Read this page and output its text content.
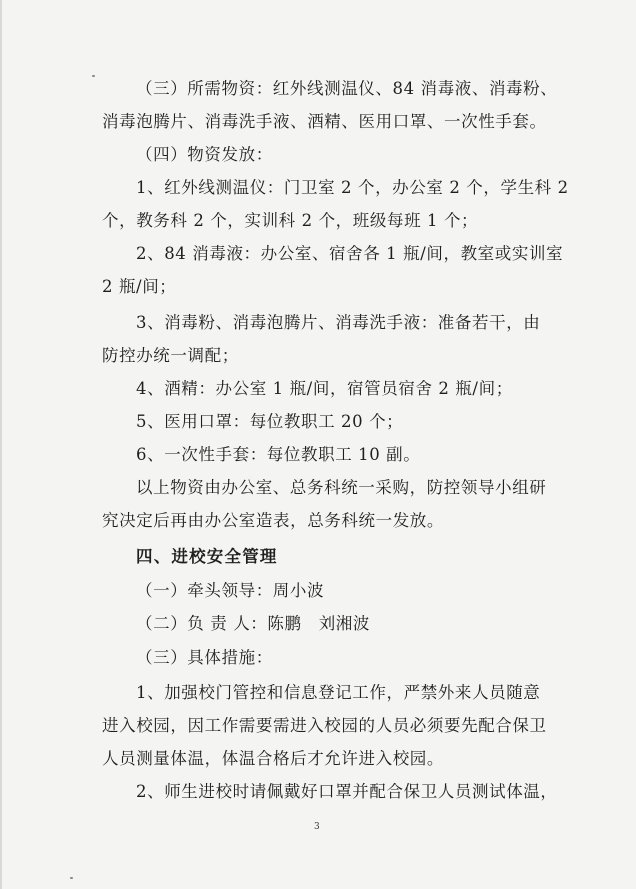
（三）所需物资：红外线测温仪、84 消毒液、消毒粉、
消毒泡腾片、消毒洗手液、酒精、医用口罩、一次性手套。
（四）物资发放：
1、红外线测温仪：门卫室 2 个，办公室 2 个，学生科 2
个，教务科 2 个，实训科 2 个，班级每班 1 个；
2、84 消毒液：办公室、宿舍各 1 瓶/间，教室或实训室
2 瓶/间；
3、消毒粉、消毒泡腾片、消毒洗手液：准备若干，由
防控办统一调配；
4、酒精：办公室 1 瓶/间，宿管员宿舍 2 瓶/间；
5、医用口罩：每位教职工 20 个；
6、一次性手套：每位教职工 10 副。
以上物资由办公室、总务科统一采购，防控领导小组研
究决定后再由办公室造表，总务科统一发放。
四、进校安全管理
（一）牵头领导：周小波
（二）负 责 人：陈鹏　刘湘波
（三）具体措施：
1、加强校门管控和信息登记工作，严禁外来人员随意
进入校园，因工作需要需进入校园的人员必须要先配合保卫
人员测量体温，体温合格后才允许进入校园。
2、师生进校时请佩戴好口罩并配合保卫人员测试体温，
3
